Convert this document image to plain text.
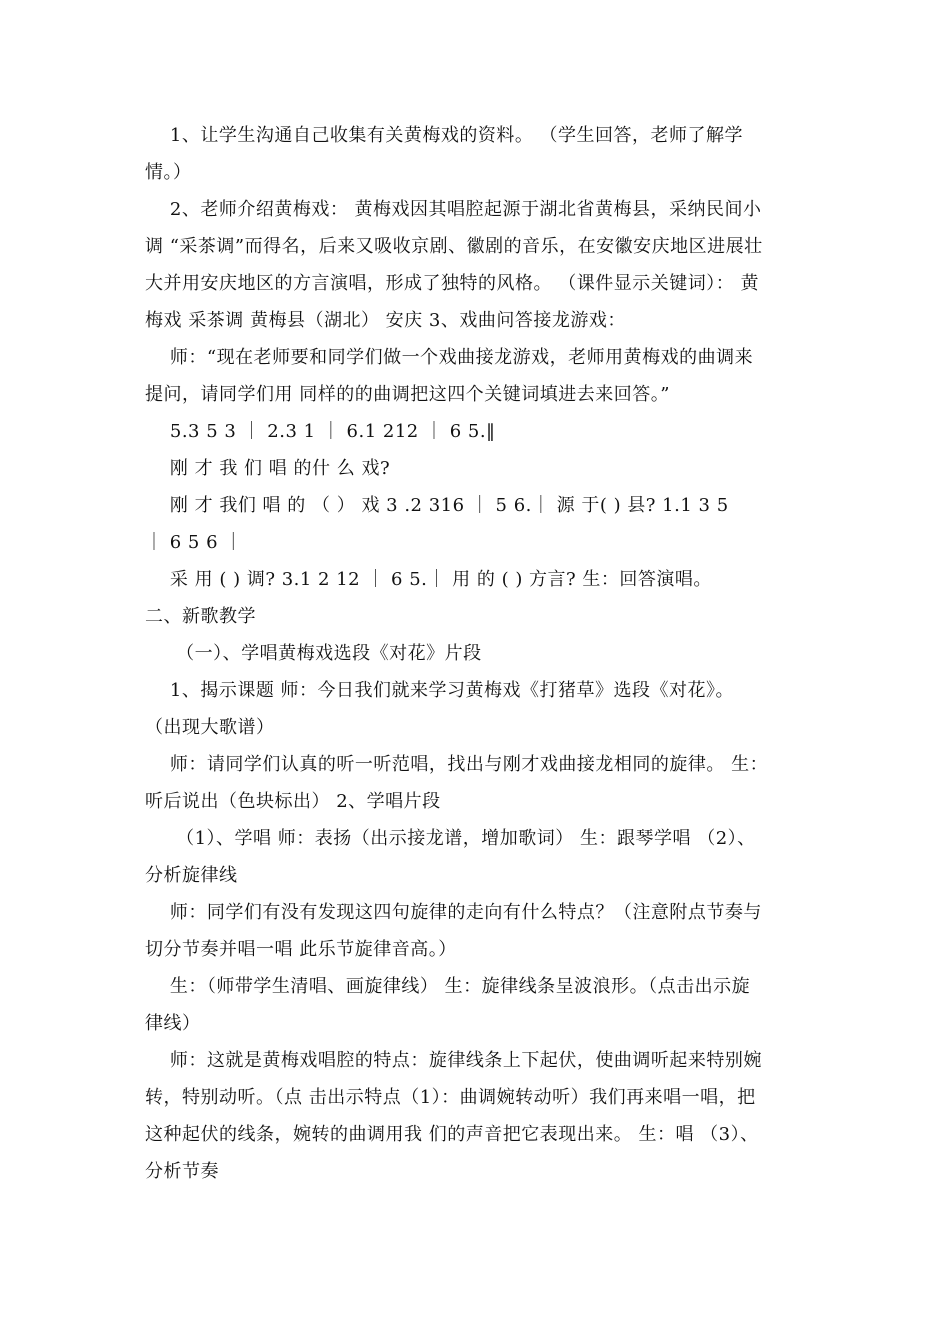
1、让学生沟通自己收集有关黄梅戏的资料。 （学生回答，老师了解学
情。）
2、老师介绍黄梅戏： 黄梅戏因其唱腔起源于湖北省黄梅县，采纳民间小
调 “采茶调”而得名，后来又吸收京剧、徽剧的音乐，在安徽安庆地区进展壮
大并用安庆地区的方言演唱，形成了独特的风格。 （课件显示关键词）： 黄
梅戏 采茶调 黄梅县（湖北） 安庆 3、戏曲问答接龙游戏：
师：“现在老师要和同学们做一个戏曲接龙游戏，老师用黄梅戏的曲调来
提问，请同学们用 同样的的曲调把这四个关键词填进去来回答。”
5.3 5 3 ｜ 2.3 1 ｜ 6.1 212 ｜ 6 5.‖
刚 才 我 们 唱 的什 么 戏?
刚 才 我们 唱 的 （ ） 戏 3 .2 316 ｜ 5 6.｜ 源 于( ) 县? 1.1 3 5
｜ 6 5 6 ｜
采 用 ( ) 调? 3.1 2 12 ｜ 6 5.｜ 用 的 ( ) 方言? 生：回答演唱。
二、新歌教学
（一）、学唱黄梅戏选段《对花》片段
1、揭示课题 师：今日我们就来学习黄梅戏《打猪草》选段《对花》。
（出现大歌谱）
师：请同学们认真的听一听范唱，找出与刚才戏曲接龙相同的旋律。 生：
听后说出（色块标出） 2、学唱片段
（1）、学唱 师：表扬（出示接龙谱，增加歌词） 生：跟琴学唱 （2）、
分析旋律线
师：同学们有没有发现这四句旋律的走向有什么特点？（注意附点节奏与
切分节奏并唱一唱 此乐节旋律音高。）
生：（师带学生清唱、画旋律线） 生：旋律线条呈波浪形。（点击出示旋
律线）
师：这就是黄梅戏唱腔的特点：旋律线条上下起伏，使曲调听起来特别婉
转，特别动听。（点 击出示特点（1）：曲调婉转动听）我们再来唱一唱，把
这种起伏的线条，婉转的曲调用我 们的声音把它表现出来。 生：唱 （3）、
分析节奏
